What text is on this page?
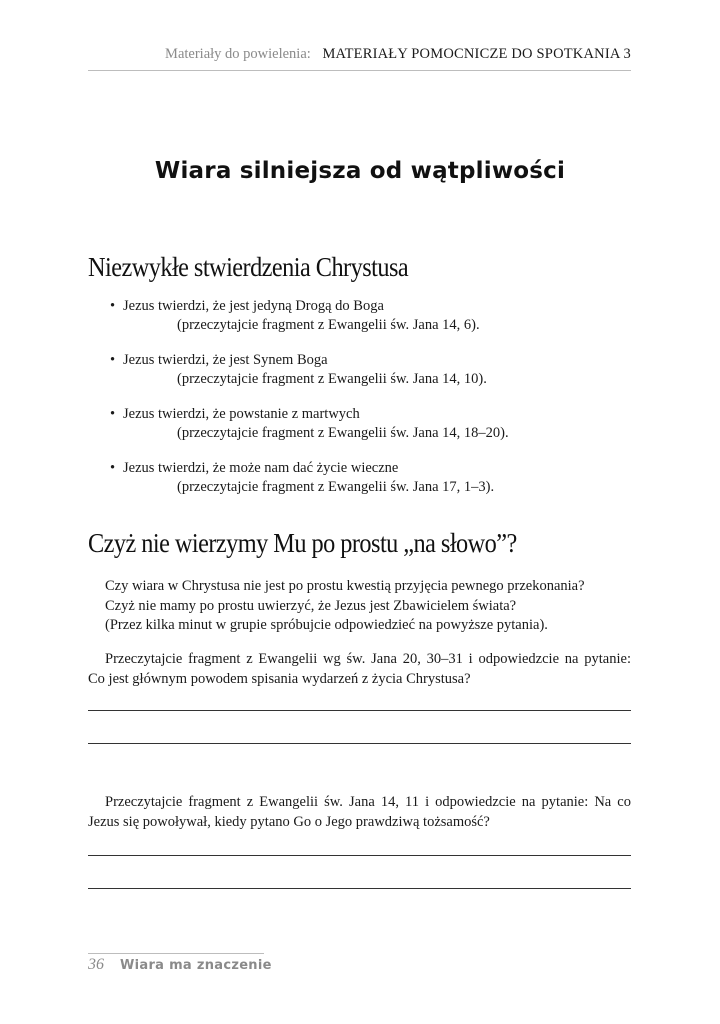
Materiały do powielenia: MATERIAŁY POMOCNICZE DO SPOTKANIA 3
Wiara silniejsza od wątpliwości
Niezwykłe stwierdzenia Chrystusa
• Jezus twierdzi, że jest jedyną Drogą do Boga
(przeczytajcie fragment z Ewangelii św. Jana 14, 6).
• Jezus twierdzi, że jest Synem Boga
(przeczytajcie fragment z Ewangelii św. Jana 14, 10).
• Jezus twierdzi, że powstanie z martwych
(przeczytajcie fragment z Ewangelii św. Jana 14, 18–20).
• Jezus twierdzi, że może nam dać życie wieczne
(przeczytajcie fragment z Ewangelii św. Jana 17, 1–3).
Czyż nie wierzymy Mu po prostu „na słowo”?

Czy wiara w Chrystusa nie jest po prostu kwestią przyjęcia pewnego przekonania?
Czyż nie mamy po prostu uwierzyć, że Jezus jest Zbawicielem świata?
(Przez kilka minut w grupie spróbujcie odpowiedzieć na powyższe pytania).

Przeczytajcie fragment z Ewangelii wg św. Jana 20, 30–31 i odpowiedzcie na pytanie:
Co jest głównym powodem spisania wydarzeń z życia Chrystusa?

Przeczytajcie fragment z Ewangelii św. Jana 14, 11 i odpowiedzcie na pytanie: Na co
Jezus się powoływał, kiedy pytano Go o Jego prawdziwą tożsamość?

36 Wiara ma znaczenie
